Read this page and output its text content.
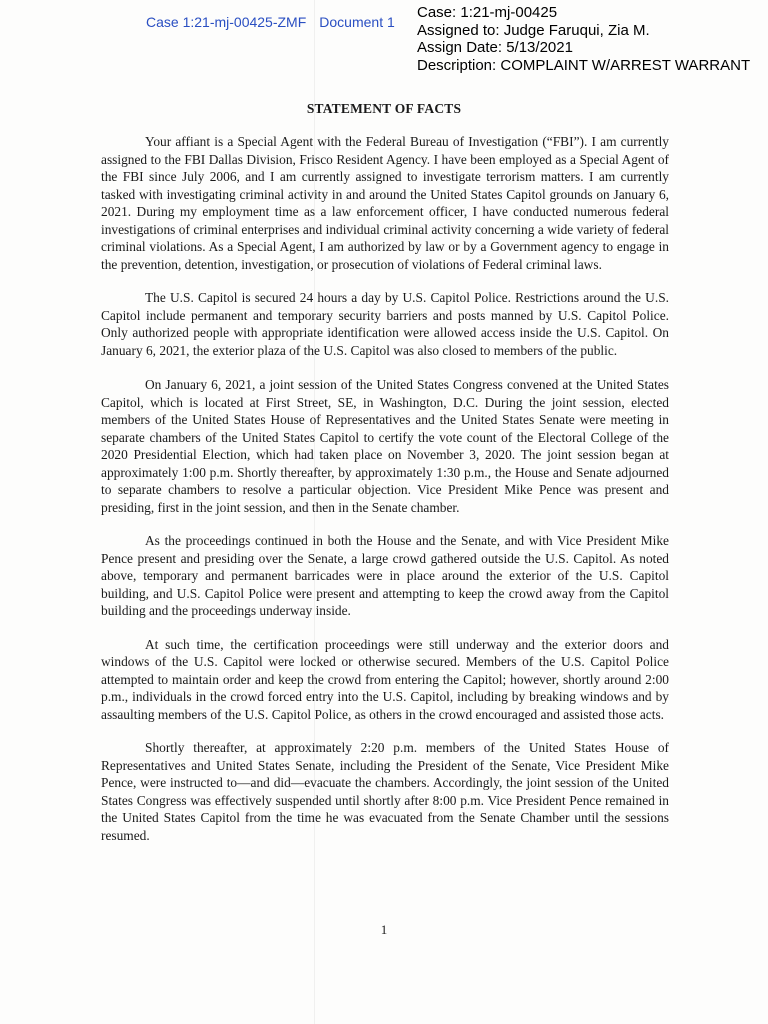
Case 1:21-mj-00425-ZMF Document 1
Case: 1:21-mj-00425
Assigned to: Judge Faruqui, Zia M.
Assign Date: 5/13/2021
Description: COMPLAINT W/ARREST WARRANT
STATEMENT OF FACTS

Your affiant is a Special Agent with the Federal Bureau of Investigation (“FBI”). I am currently assigned to the FBI Dallas Division, Frisco Resident Agency. I have been employed as a Special Agent of the FBI since July 2006, and I am currently assigned to investigate terrorism matters. I am currently tasked with investigating criminal activity in and around the United States Capitol grounds on January 6, 2021. During my employment time as a law enforcement officer, I have conducted numerous federal investigations of criminal enterprises and individual criminal activity concerning a wide variety of federal criminal violations. As a Special Agent, I am authorized by law or by a Government agency to engage in the prevention, detention, investigation, or prosecution of violations of Federal criminal laws.

The U.S. Capitol is secured 24 hours a day by U.S. Capitol Police. Restrictions around the U.S. Capitol include permanent and temporary security barriers and posts manned by U.S. Capitol Police. Only authorized people with appropriate identification were allowed access inside the U.S. Capitol. On January 6, 2021, the exterior plaza of the U.S. Capitol was also closed to members of the public.

On January 6, 2021, a joint session of the United States Congress convened at the United States Capitol, which is located at First Street, SE, in Washington, D.C. During the joint session, elected members of the United States House of Representatives and the United States Senate were meeting in separate chambers of the United States Capitol to certify the vote count of the Electoral College of the 2020 Presidential Election, which had taken place on November 3, 2020. The joint session began at approximately 1:00 p.m. Shortly thereafter, by approximately 1:30 p.m., the House and Senate adjourned to separate chambers to resolve a particular objection. Vice President Mike Pence was present and presiding, first in the joint session, and then in the Senate chamber.

As the proceedings continued in both the House and the Senate, and with Vice President Mike Pence present and presiding over the Senate, a large crowd gathered outside the U.S. Capitol. As noted above, temporary and permanent barricades were in place around the exterior of the U.S. Capitol building, and U.S. Capitol Police were present and attempting to keep the crowd away from the Capitol building and the proceedings underway inside.

At such time, the certification proceedings were still underway and the exterior doors and windows of the U.S. Capitol were locked or otherwise secured. Members of the U.S. Capitol Police attempted to maintain order and keep the crowd from entering the Capitol; however, shortly around 2:00 p.m., individuals in the crowd forced entry into the U.S. Capitol, including by breaking windows and by assaulting members of the U.S. Capitol Police, as others in the crowd encouraged and assisted those acts.

Shortly thereafter, at approximately 2:20 p.m. members of the United States House of Representatives and United States Senate, including the President of the Senate, Vice President Mike Pence, were instructed to—and did—evacuate the chambers. Accordingly, the joint session of the United States Congress was effectively suspended until shortly after 8:00 p.m. Vice President Pence remained in the United States Capitol from the time he was evacuated from the Senate Chamber until the sessions resumed.

1
